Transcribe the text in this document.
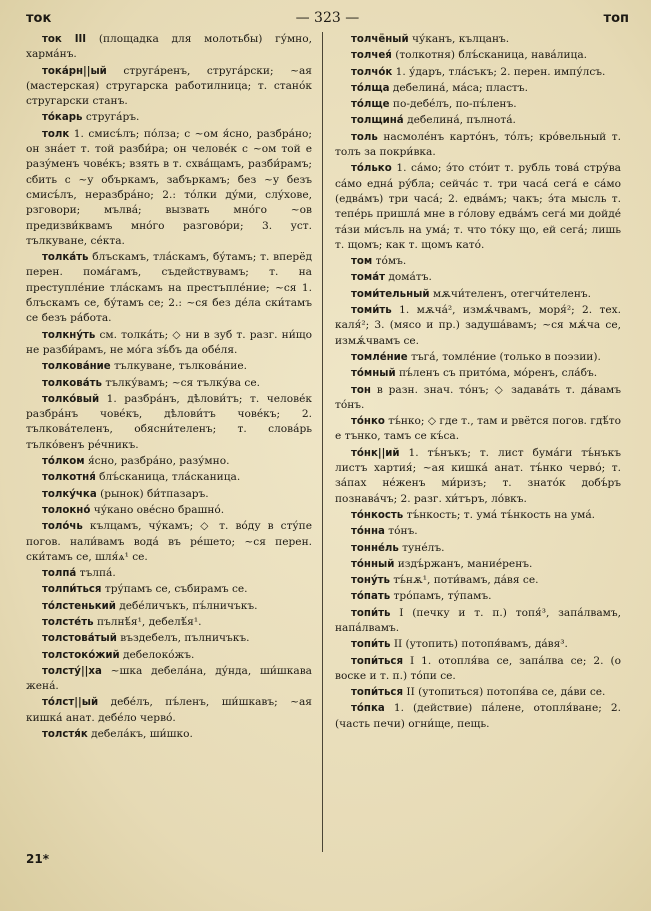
ток	— 323 —	топ

ток III (площадка для молотьбы) гу́мно, харма́нъ.

тока́рн||ый струга́ренъ, струга́рски; ~ая (мастерская) стругарска работилница; т. стано́к стругарски станъ.

то́карь струга́ръ.

толк 1. смисъ́лъ; по́лза; с ~ом я́сно, разбра́но; он зна́ет т. той разби́ра; он челове́к с ~ом той е разу́менъ чове́къ; взять в т. схва́щамъ, разби́рамъ; сбить с ~у объркамъ, забъркамъ; без ~у безъ смисъ́лъ, неразбра́но; 2.: то́лки ду́ми, слу́хове, рзговори; мълва́; вызвать мно́го ~ов предизви́квамъ мно́го разгово́ри; 3. уст. тълкуване, се́кта.

толка́ть блъскамъ, тла́скамъ, бу́тамъ; т. вперёд перен. пома́гамъ, съдействувамъ; т. на преступле́ние тла́скамъ на престъпле́ние; ~ся 1. блъскамъ се, бу́тамъ се; 2.: ~ся без де́ла ски́тамъ се безъ ра́бота.

толкну́ть см. толка́ть; ◇ ни в зуб т. разг. ни́що не разби́рамъ, не мо́га зъ́бъ да обе́ля.

толкова́ние тълкуване, тълкова́ние.

толкова́ть тълку́вамъ; ~ся тълку́ва се.

толко́вый 1. разбра́нъ, дѣлови́тъ; т. челове́к разбра́нъ чове́къ, дѣлови́тъ чове́къ; 2. тълкова́теленъ, обясни́теленъ; т. слова́рь тълко́венъ ре́чникъ.

то́лком я́сно, разбра́но, разу́мно.

толкотня́ блъ́сканица, тла́сканица.

толку́чка (рынок) би́тпазаръ.

толокно́ чу́кано ове́сно брашно́.

толо́чь кълцамъ, чу́камъ; ◇ т. во́ду в сту́пе погов. нали́вамъ вода́ въ ре́шето; ~ся перен. ски́тамъ се, шля́ѧ¹ се.

толпа́ тълпа́.

толпи́ться тру́памъ се, събирамъ се.

то́лстенький дебе́личъкъ, пъ́лничъкъ.

толсте́ть пълнѣ́я¹, дебелѣ́я¹.

толстова́тый въздебелъ, пълничъкъ.

толстоко́жий дебелоко́жъ.

толсту́||ха ~шка дебела́на, ду́нда, ши́шкава жена́.

то́лст||ый дебе́лъ, пъ́ленъ, ши́шкавъ; ~ая кишка́ анат. дебе́ло черво́.

толстя́к дебела́къ, ши́шко.

толчёный чу́канъ, кълцанъ.

толчея́ (толкотня) блъ́сканица, нава́лица.

толчо́к 1. у́даръ, тла́съкъ; 2. перен. импу́лсъ.

то́лща дебелина́, ма́са; пластъ.

то́лще по-дебе́лъ, по-пъ́ленъ.

толщина́ дебелина́, пълнота́.

толь насмоле́нъ карто́нъ, то́лъ; кро́вельный т. толъ за покри́вка.

то́лько 1. са́мо; э́то сто́ит т. рубль това́ стру́ва са́мо една́ ру́бла; сейча́с т. три часа́ сега́ е са́мо (едва́мъ) три часа́; 2. едва́мъ; чакъ; э́та мысль т. тепе́рь пришла́ мне в го́лову едва́мъ сега́ ми дойде́ та́зи ми́съль на ума́; т. что то́ку що, ей сега́; лишь т. щомъ; как т. щомъ като́.

том то́мъ.

тома́т дома́тъ.

томи́тельный мѫчи́теленъ, отегчи́теленъ.

томи́ть 1. мѫча́², измѫ́чвамъ, моря́²; 2. тех. каля́²; 3. (мясо и пр.) задуша́вамъ; ~ся мѫ́ча се, измѫ́чвамъ се.

томле́ние тъга́, томле́ние (только в поэзии).

то́мный пъ́ленъ съ прито́ма, мо́ренъ, сла́бъ.

тон в разн. знач. то́нъ; ◇ задава́ть т. да́вамъ то́нъ.

то́нко тъ́нко; ◇ где т., там и рвётся погов. гдѣ́то е тънко, тамъ се къ́са.

то́нк||ий 1. тъ́нъкъ; т. лист бума́ги тъ́нъкъ листъ хартия́; ~ая кишка́ анат. тъ́нко черво́; т. за́пах не́женъ ми́ризъ; т. знато́к добъ́ръ познава́чъ; 2. разг. хи́търъ, ло́вкъ.

то́нкость тъ́нкость; т. ума́ тъ́нкость на ума́.

то́нна то́нъ.

тонне́ль туне́лъ.

то́нный издъ́ржанъ, мание́ренъ.

тону́ть тъ́нѫ¹, поти́вамъ, да́вя се.

то́пать тро́памъ, ту́памъ.

топи́ть I (печку и т. п.) топя́³, запа́лвамъ, напа́лвамъ.

топи́ть II (утопить) потопя́вамъ, да́вя³.

топи́ться I 1. отопля́ва се, запа́лва се; 2. (о воске и т. п.) то́пи се.

топи́ться II (утопиться) потопя́ва се, да́ви се.

то́пка 1. (действие) па́лене, отопля́ване; 2. (часть печи) огни́ще, пещь.

21*
